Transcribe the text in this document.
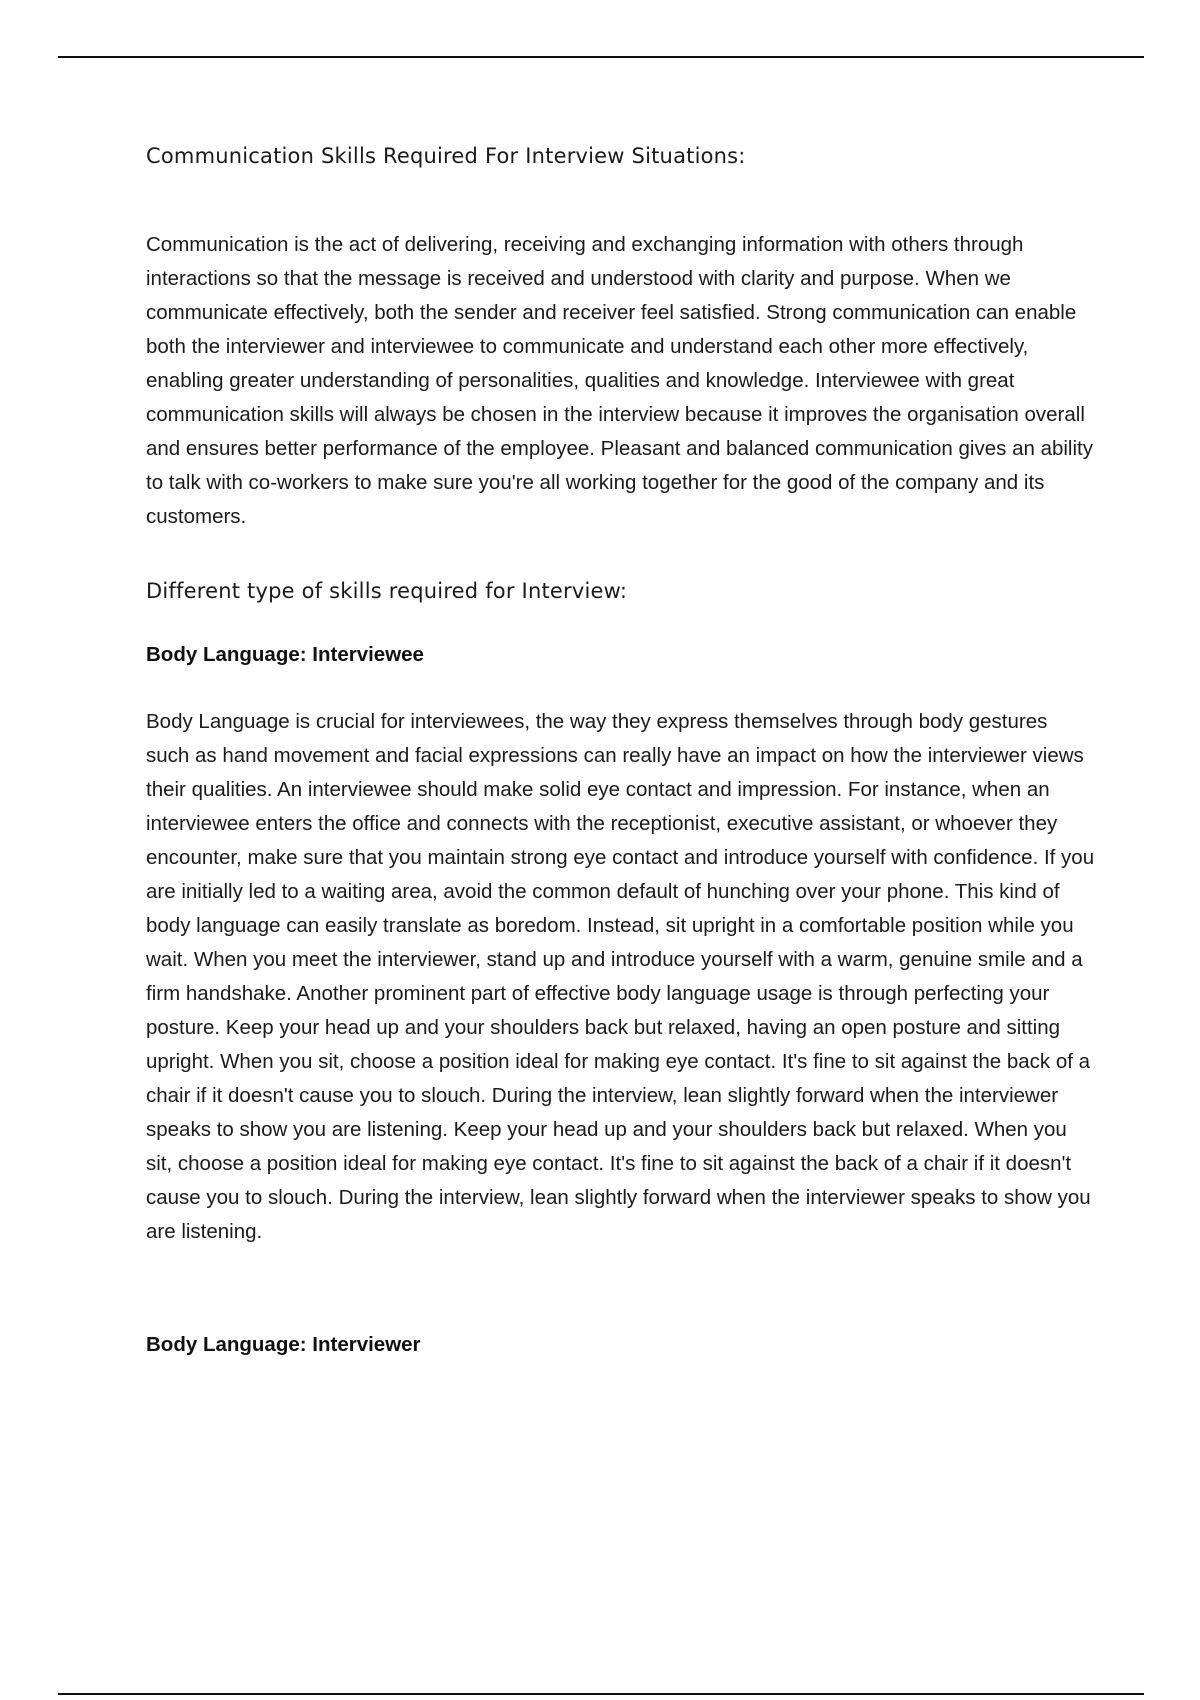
Communication Skills Required For Interview Situations:

Communication is the act of delivering, receiving and exchanging information with others through interactions so that the message is received and understood with clarity and purpose. When we communicate effectively, both the sender and receiver feel satisfied. Strong communication can enable both the interviewer and interviewee to communicate and understand each other more effectively, enabling greater understanding of personalities, qualities and knowledge. Interviewee with great communication skills will always be chosen in the interview because it improves the organisation overall and ensures better performance of the employee. Pleasant and balanced communication gives an ability to talk with co-workers to make sure you're all working together for the good of the company and its customers.

Different type of skills required for Interview:
Body Language: Interviewee

Body Language is crucial for interviewees, the way they express themselves through body gestures such as hand movement and facial expressions can really have an impact on how the interviewer views their qualities. An interviewee should make solid eye contact and impression. For instance, when an interviewee enters the office and connects with the receptionist, executive assistant, or whoever they encounter, make sure that you maintain strong eye contact and introduce yourself with confidence. If you are initially led to a waiting area, avoid the common default of hunching over your phone. This kind of body language can easily translate as boredom. Instead, sit upright in a comfortable position while you wait. When you meet the interviewer, stand up and introduce yourself with a warm, genuine smile and a firm handshake. Another prominent part of effective body language usage is through perfecting your posture. Keep your head up and your shoulders back but relaxed, having an open posture and sitting upright. When you sit, choose a position ideal for making eye contact. It's fine to sit against the back of a chair if it doesn't cause you to slouch. During the interview, lean slightly forward when the interviewer speaks to show you are listening. Keep your head up and your shoulders back but relaxed. When you sit, choose a position ideal for making eye contact. It's fine to sit against the back of a chair if it doesn't cause you to slouch. During the interview, lean slightly forward when the interviewer speaks to show you are listening.

Body Language: Interviewer
